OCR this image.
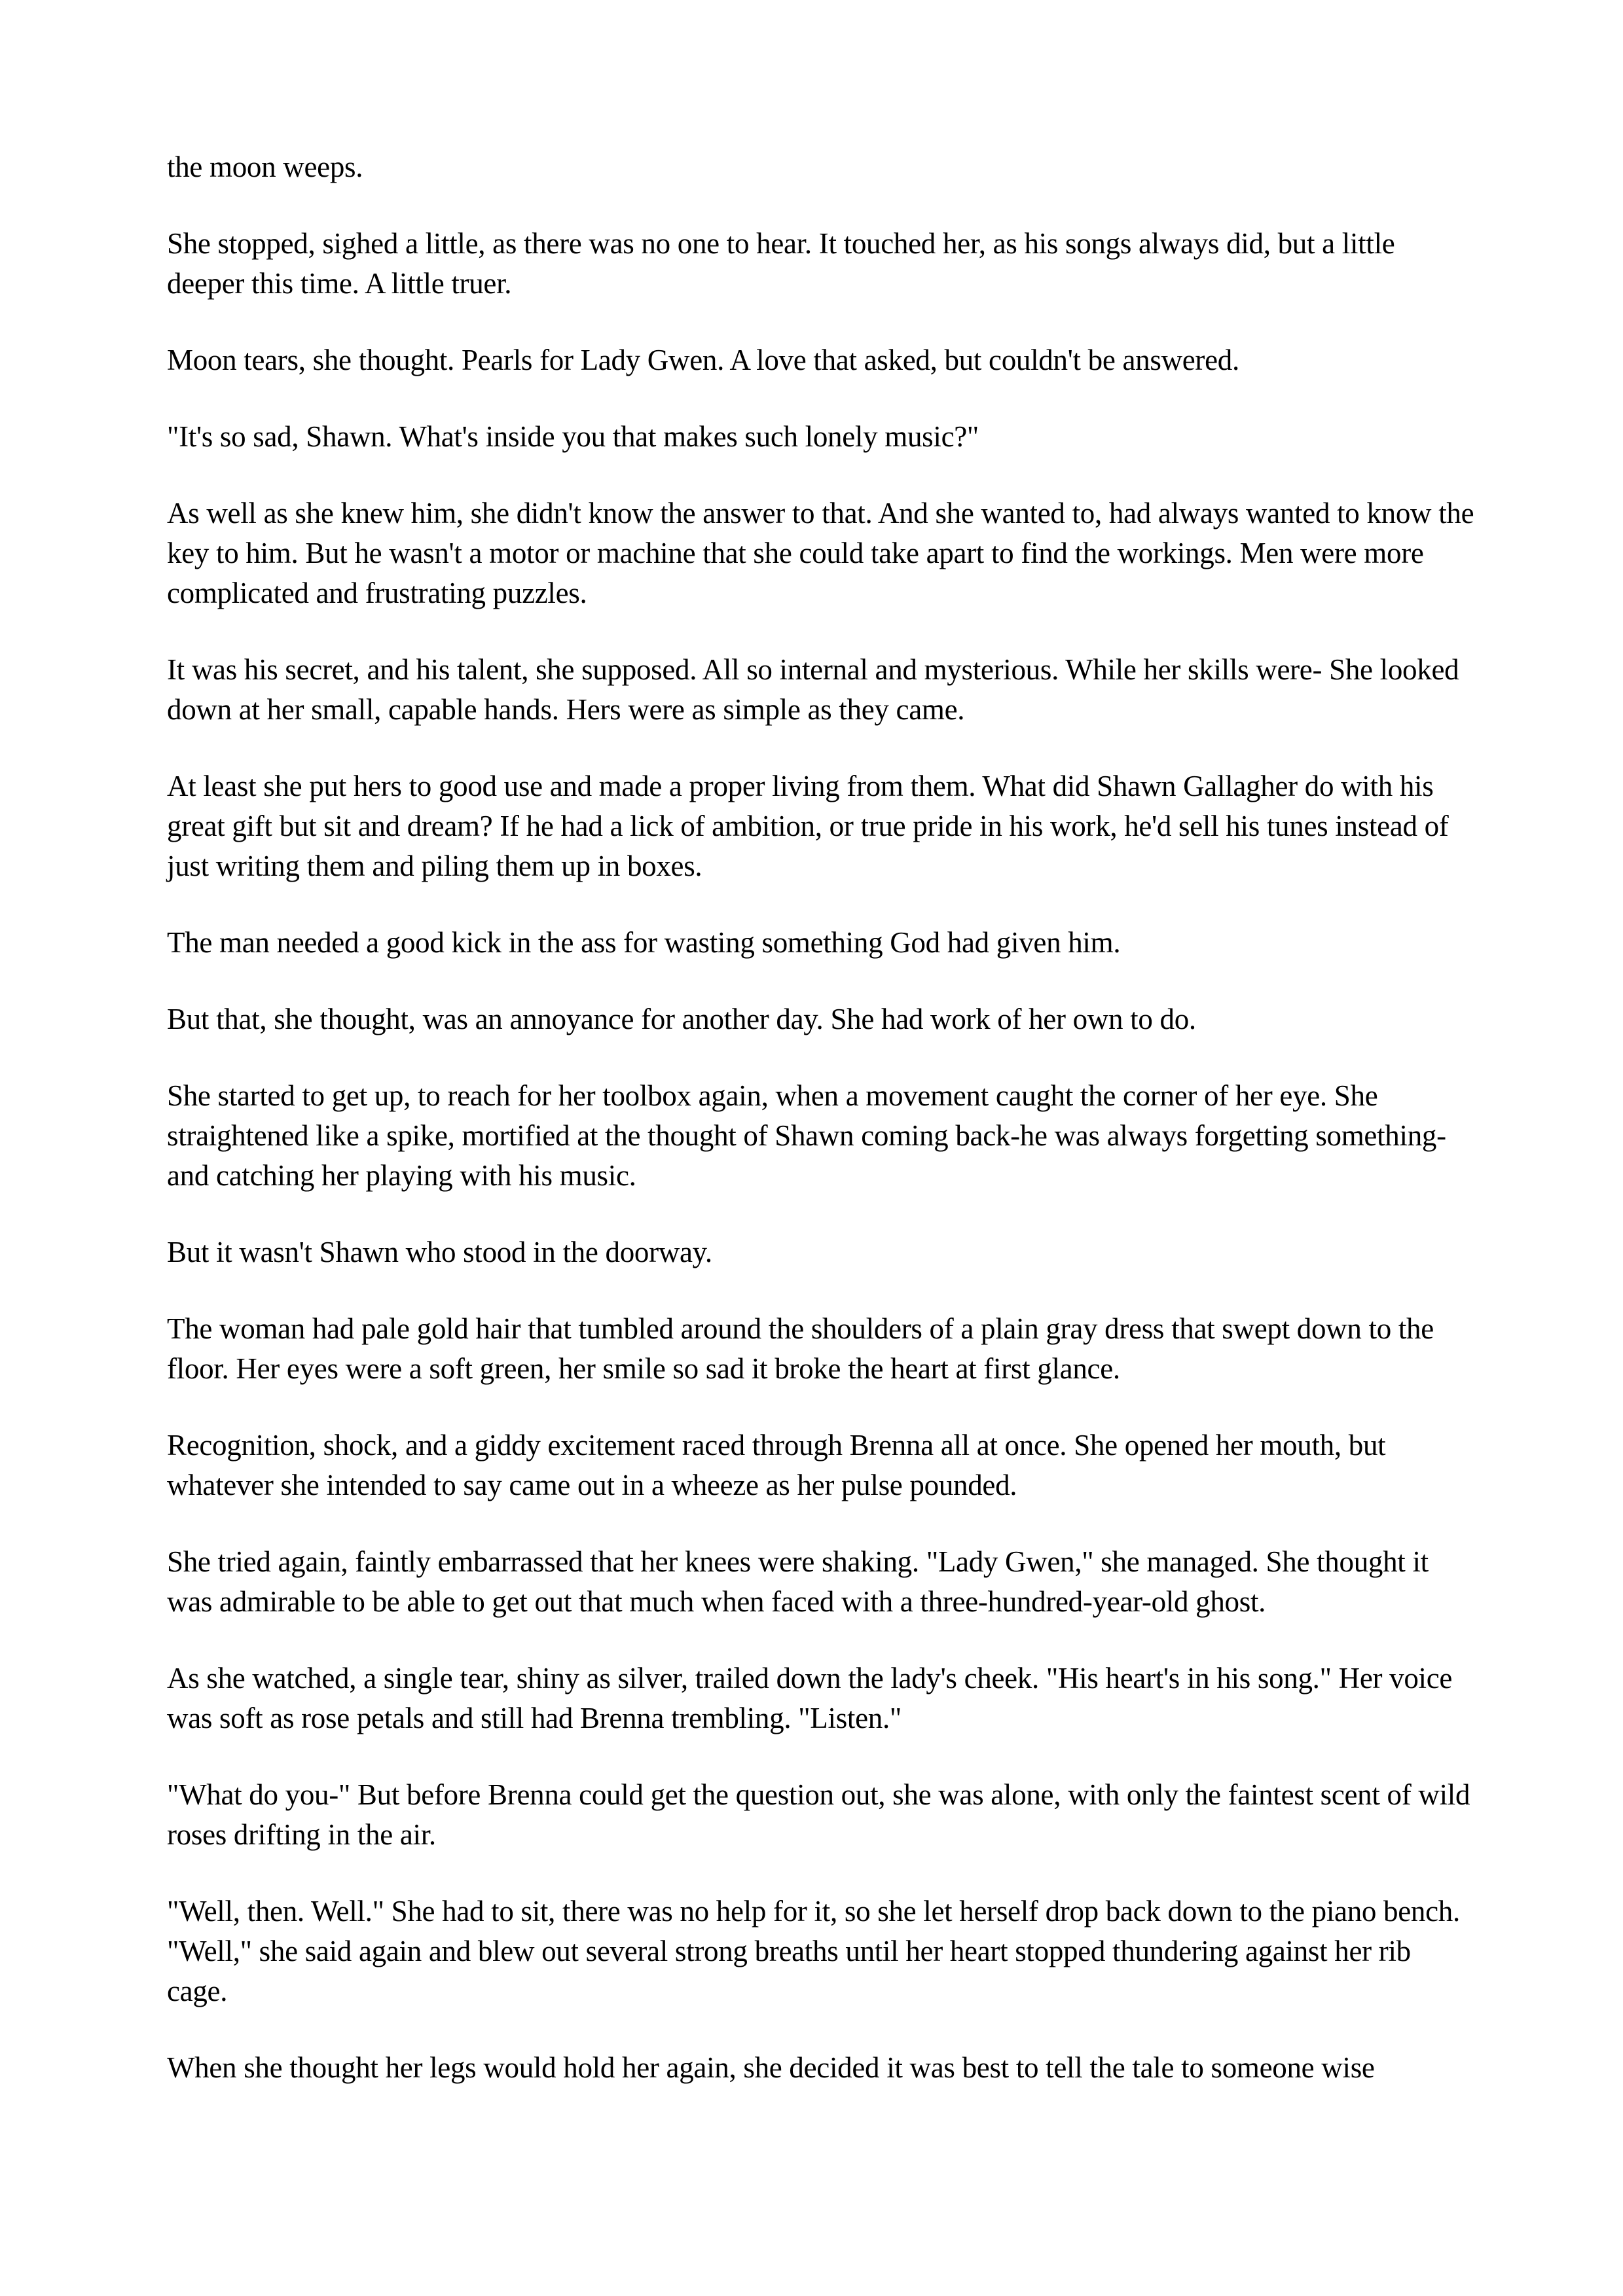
the moon weeps.

She stopped, sighed a little, as there was no one to hear. It touched her, as his songs always did, but a little deeper this time. A little truer.

Moon tears, she thought. Pearls for Lady Gwen. A love that asked, but couldn't be answered.

"It's so sad, Shawn. What's inside you that makes such lonely music?"

As well as she knew him, she didn't know the answer to that. And she wanted to, had always wanted to know the key to him. But he wasn't a motor or machine that she could take apart to find the workings. Men were more complicated and frustrating puzzles.

It was his secret, and his talent, she supposed. All so internal and mysterious. While her skills were- She looked down at her small, capable hands. Hers were as simple as they came.

At least she put hers to good use and made a proper living from them. What did Shawn Gallagher do with his great gift but sit and dream? If he had a lick of ambition, or true pride in his work, he'd sell his tunes instead of just writing them and piling them up in boxes.

The man needed a good kick in the ass for wasting something God had given him.

But that, she thought, was an annoyance for another day. She had work of her own to do.

She started to get up, to reach for her toolbox again, when a movement caught the corner of her eye. She straightened like a spike, mortified at the thought of Shawn coming back-he was always forgetting something-and catching her playing with his music.

But it wasn't Shawn who stood in the doorway.

The woman had pale gold hair that tumbled around the shoulders of a plain gray dress that swept down to the floor. Her eyes were a soft green, her smile so sad it broke the heart at first glance.

Recognition, shock, and a giddy excitement raced through Brenna all at once. She opened her mouth, but whatever she intended to say came out in a wheeze as her pulse pounded.

She tried again, faintly embarrassed that her knees were shaking. "Lady Gwen," she managed. She thought it was admirable to be able to get out that much when faced with a three-hundred-year-old ghost.

As she watched, a single tear, shiny as silver, trailed down the lady's cheek. "His heart's in his song." Her voice was soft as rose petals and still had Brenna trembling. "Listen."

"What do you-" But before Brenna could get the question out, she was alone, with only the faintest scent of wild roses drifting in the air.

"Well, then. Well." She had to sit, there was no help for it, so she let herself drop back down to the piano bench. "Well," she said again and blew out several strong breaths until her heart stopped thundering against her rib cage.

When she thought her legs would hold her again, she decided it was best to tell the tale to someone wise
